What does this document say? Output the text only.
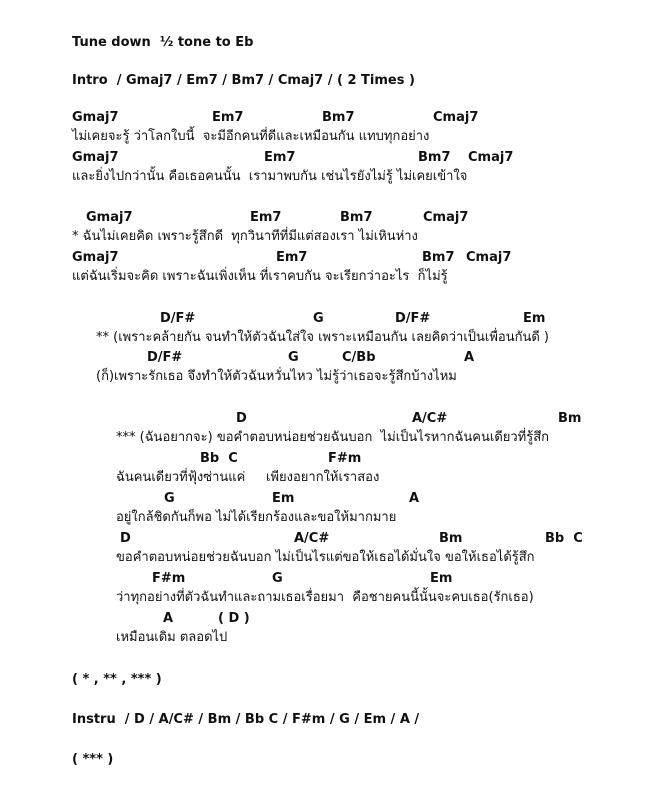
Tune down  ½ tone to Eb
Intro  / Gmaj7 / Em7 / Bm7 / Cmaj7 / ( 2 Times )
Gmaj7	Em7	Bm7	Cmaj7
ไม่เคยจะรู้ ว่าโลกใบนี้  จะมีอีกคนที่ดีและเหมือนกัน แทบทุกอย่าง
Gmaj7	Em7	Bm7 Cmaj7
และยิ่งไปกว่านั้น คือเธอคนนั้น  เรามาพบกัน เช่นไรยังไม่รู้ ไม่เคยเข้าใจ
Gmaj7	Em7	Bm7	Cmaj7
* ฉันไม่เคยคิด เพราะรู้สึกดี  ทุกวินาทีที่มีแต่สองเรา ไม่เหินห่าง
Gmaj7	Em7	Bm7 Cmaj7
แต่ฉันเริ่มจะคิด เพราะฉันเพิ่งเห็น ที่เราคบกัน จะเรียกว่าอะไร  ก็ไม่รู้
D/F#	G	D/F#	Em
** (เพราะคล้ายกัน จนทำให้ตัวฉันใส่ใจ เพราะเหมือนกัน เลยคิดว่าเป็นเพื่อนกันดี )
D/F#	G	C/Bb	A
(ก็)เพราะรักเธอ จึงทำให้ตัวฉันหวั่นไหว ไม่รู้ว่าเธอจะรู้สึกบ้างไหม
D	A/C#	Bm
*** (ฉันอยากจะ) ขอคำตอบหน่อยช่วยฉันบอก  ไม่เป็นไรหากฉันคนเดียวที่รู้สึก
Bb  C	F#m
ฉันคนเดียวที่ฟุ้งซ่านแค่     เพียงอยากให้เราสอง
G	Em	A
อยู่ใกล้ชิดกันก็พอ ไม่ได้เรียกร้องและขอให้มากมาย
D	A/C#	Bm	Bb  C
ขอคำตอบหน่อยช่วยฉันบอก ไม่เป็นไรแต่ขอให้เธอได้มั่นใจ ขอให้เธอได้รู้สึก
F#m	G	Em
ว่าทุกอย่างที่ตัวฉันทำและถามเธอเรื่อยมา  คือชายคนนี้นั้นจะคบเธอ(รักเธอ)
A	( D )
เหมือนเดิม ตลอดไป
( * , ** , *** )
Instru  / D / A/C# / Bm / Bb C / F#m / G / Em / A /
( *** )
